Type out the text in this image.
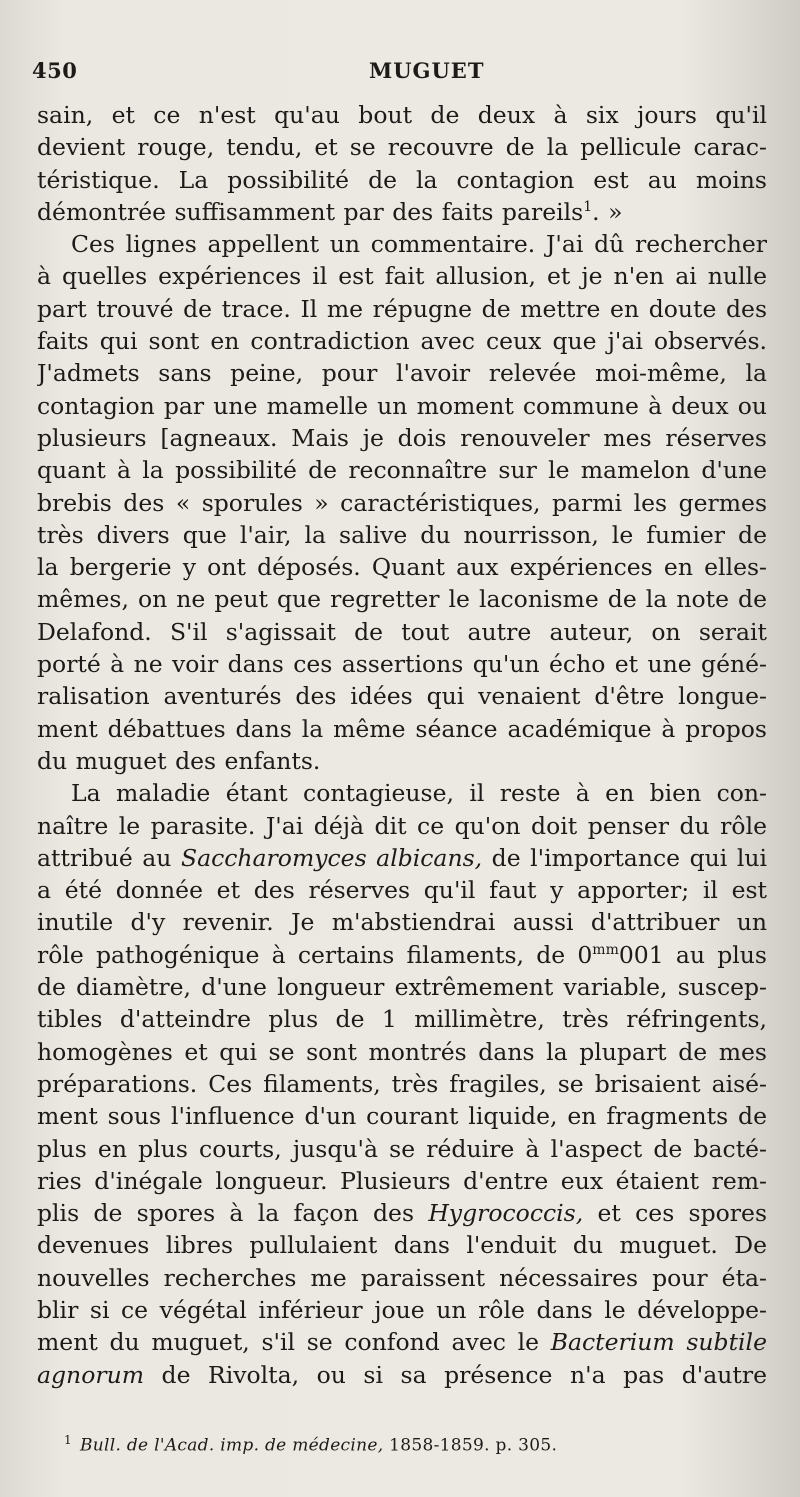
450	MUGUET
sain, et ce n'est qu'au bout de deux à six jours qu'il
devient rouge, tendu, et se recouvre de la pellicule carac-
téristique. La possibilité de la contagion est au moins
démontrée suffisamment par des faits pareils$^1$. »
Ces lignes appellent un commentaire. J'ai dû rechercher
à quelles expériences il est fait allusion, et je n'en ai nulle
part trouvé de trace. Il me répugne de mettre en doute des
faits qui sont en contradiction avec ceux que j'ai observés.
J'admets sans peine, pour l'avoir relevée moi-même, la
contagion par une mamelle un moment commune à deux ou
plusieurs [agneaux. Mais je dois renouveler mes réserves
quant à la possibilité de reconnaître sur le mamelon d'une
brebis des « sporules » caractéristiques, parmi les germes
très divers que l'air, la salive du nourrisson, le fumier de
la bergerie y ont déposés. Quant aux expériences en elles-
mêmes, on ne peut que regretter le laconisme de la note de
Delafond. S'il s'agissait de tout autre auteur, on serait
porté à ne voir dans ces assertions qu'un écho et une géné-
ralisation aventurés des idées qui venaient d'être longue-
ment débattues dans la même séance académique à propos
du muguet des enfants.
La maladie étant contagieuse, il reste à en bien con-
naître le parasite. J'ai déjà dit ce qu'on doit penser du rôle
attribué au Saccharomyces albicans, de l'importance qui lui
a été donnée et des réserves qu'il faut y apporter; il est
inutile d'y revenir. Je m'abstiendrai aussi d'attribuer un
rôle pathogénique à certains filaments, de $0^{mm}001$ au plus
de diamètre, d'une longueur extrêmement variable, suscep-
tibles d'atteindre plus de 1 millimètre, très réfringents,
homogènes et qui se sont montrés dans la plupart de mes
préparations. Ces filaments, très fragiles, se brisaient aisé-
ment sous l'influence d'un courant liquide, en fragments de
plus en plus courts, jusqu'à se réduire à l'aspect de bacté-
ries d'inégale longueur. Plusieurs d'entre eux étaient rem-
plis de spores à la façon des Hygrococcis, et ces spores
devenues libres pullulaient dans l'enduit du muguet. De
nouvelles recherches me paraissent nécessaires pour éta-
blir si ce végétal inférieur joue un rôle dans le développe-
ment du muguet, s'il se confond avec le Bacterium subtile
agnorum de Rivolta, ou si sa présence n'a pas d'autre
$^1$ Bull. de l'Acad. imp. de médecine, 1858-1859. p. 305.
